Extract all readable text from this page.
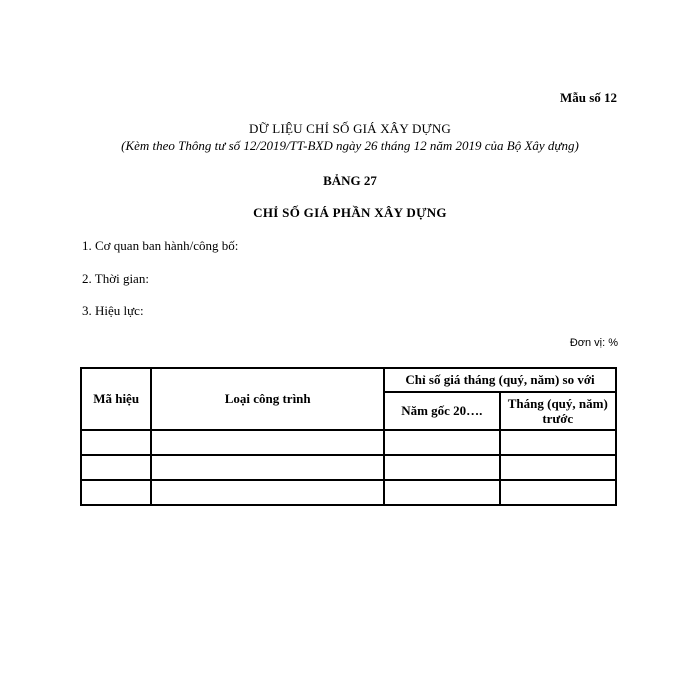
Mẫu số 12
DỮ LIỆU CHỈ SỐ GIÁ XÂY DỰNG
(Kèm theo Thông tư số 12/2019/TT-BXD ngày 26 tháng 12 năm 2019 của Bộ Xây dựng)
BẢNG 27
CHỈ SỐ GIÁ PHẦN XÂY DỰNG
1. Cơ quan ban hành/công bố:
2. Thời gian:
3. Hiệu lực:
Đơn vị: %
Mã hiệu	Loại công trình	Chỉ số giá tháng (quý, năm) so với	
		Năm gốc 20….	Tháng (quý, năm) trước
